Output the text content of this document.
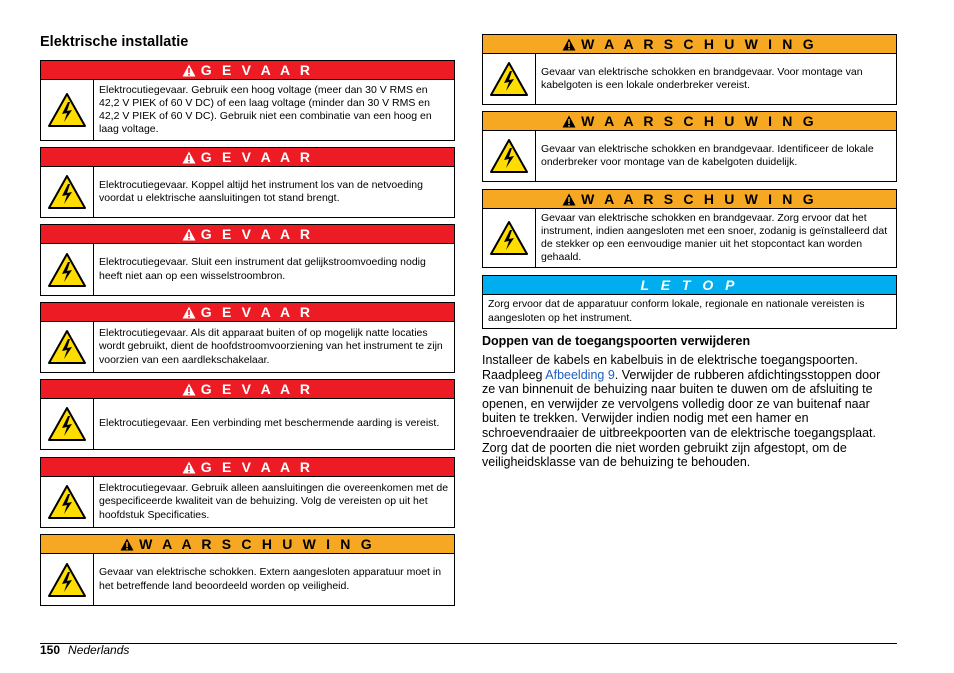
Elektrische installatie
G E V A A R
Elektrocutiegevaar. Gebruik een hoog voltage (meer dan 30 V RMS en 42,2 V PIEK of 60 V DC) of een laag voltage (minder dan 30 V RMS en 42,2 V PIEK of 60 V DC). Gebruik niet een combinatie van een hoog en laag voltage.
G E V A A R
Elektrocutiegevaar. Koppel altijd het instrument los van de netvoeding voordat u elektrische aansluitingen tot stand brengt.
G E V A A R
Elektrocutiegevaar. Sluit een instrument dat gelijkstroomvoeding nodig heeft niet aan op een wisselstroombron.
G E V A A R
Elektrocutiegevaar. Als dit apparaat buiten of op mogelijk natte locaties wordt gebruikt, dient de hoofdstroomvoorziening van het instrument te zijn voorzien van een aardlekschakelaar.
G E V A A R
Elektrocutiegevaar. Een verbinding met beschermende aarding is vereist.
G E V A A R
Elektrocutiegevaar. Gebruik alleen aansluitingen die overeenkomen met de gespecificeerde kwaliteit van de behuizing. Volg de vereisten op uit het hoofdstuk Specificaties.
W A A R S C H U W I N G
Gevaar van elektrische schokken. Extern aangesloten apparatuur moet in het betreffende land beoordeeld worden op veiligheid.
W A A R S C H U W I N G
Gevaar van elektrische schokken en brandgevaar. Voor montage van kabelgoten is een lokale onderbreker vereist.
W A A R S C H U W I N G
Gevaar van elektrische schokken en brandgevaar. Identificeer de lokale onderbreker voor montage van de kabelgoten duidelijk.
W A A R S C H U W I N G
Gevaar van elektrische schokken en brandgevaar. Zorg ervoor dat het instrument, indien aangesloten met een snoer, zodanig is geïnstalleerd dat de stekker op een eenvoudige manier uit het stopcontact kan worden gehaald.
L E T O P
Zorg ervoor dat de apparatuur conform lokale, regionale en nationale vereisten is aangesloten op het instrument.
Doppen van de toegangspoorten verwijderen

Installeer de kabels en kabelbuis in de elektrische toegangspoorten. Raadpleeg Afbeelding 9. Verwijder de rubberen afdichtingsstoppen door ze van binnenuit de behuizing naar buiten te duwen om de afsluiting te openen, en verwijder ze vervolgens volledig door ze van buitenaf naar buiten te trekken. Verwijder indien nodig met een hamer en schroevendraaier de uitbreekpoorten van de elektrische toegangsplaat. Zorg dat de poorten die niet worden gebruikt zijn afgestopt, om de veiligheidsklasse van de behuizing te behouden.

150 Nederlands
